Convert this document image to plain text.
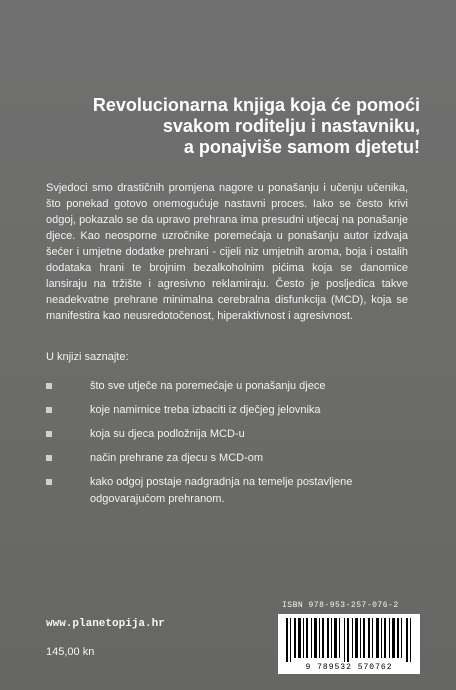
Revolucionarna knjiga koja će pomoći
svakom roditelju i nastavniku,
a ponajviše samom djetetu!

Svjedoci smo drastičnih promjena nagore u ponašanju i učenju učenika, što ponekad gotovo onemogućuje nastavni proces. Iako se često krivi odgoj, pokazalo se da upravo prehrana ima presudni utjecaj na ponašanje djece. Kao neosporne uzročnike poremećaja u ponašanju autor izdvaja šećer i umjetne dodatke prehrani - cijeli niz umjetnih aroma, boja i ostalih dodataka hrani te brojnim bezalkoholnim pićima koja se danomice lansiraju na tržište i agresivno reklamiraju. Često je posljedica takve neadekvatne prehrane minimalna cerebralna disfunkcija (MCD), koja se manifestira kao neusredotočenost, hiperaktivnost i agresivnost.

U knjizi saznajte:

što sve utječe na poremećaje u ponašanju djece
koje namirnice treba izbaciti iz dječjeg jelovnika
koja su djeca podložnija MCD-u
način prehrane za djecu s MCD-om
kako odgoj postaje nadgradnja na temelje postavljene odgovarajućom prehranom.
ISBN 978-953-257-076-2
9 789532 570762
www.planetopija.hr
145,00 kn
